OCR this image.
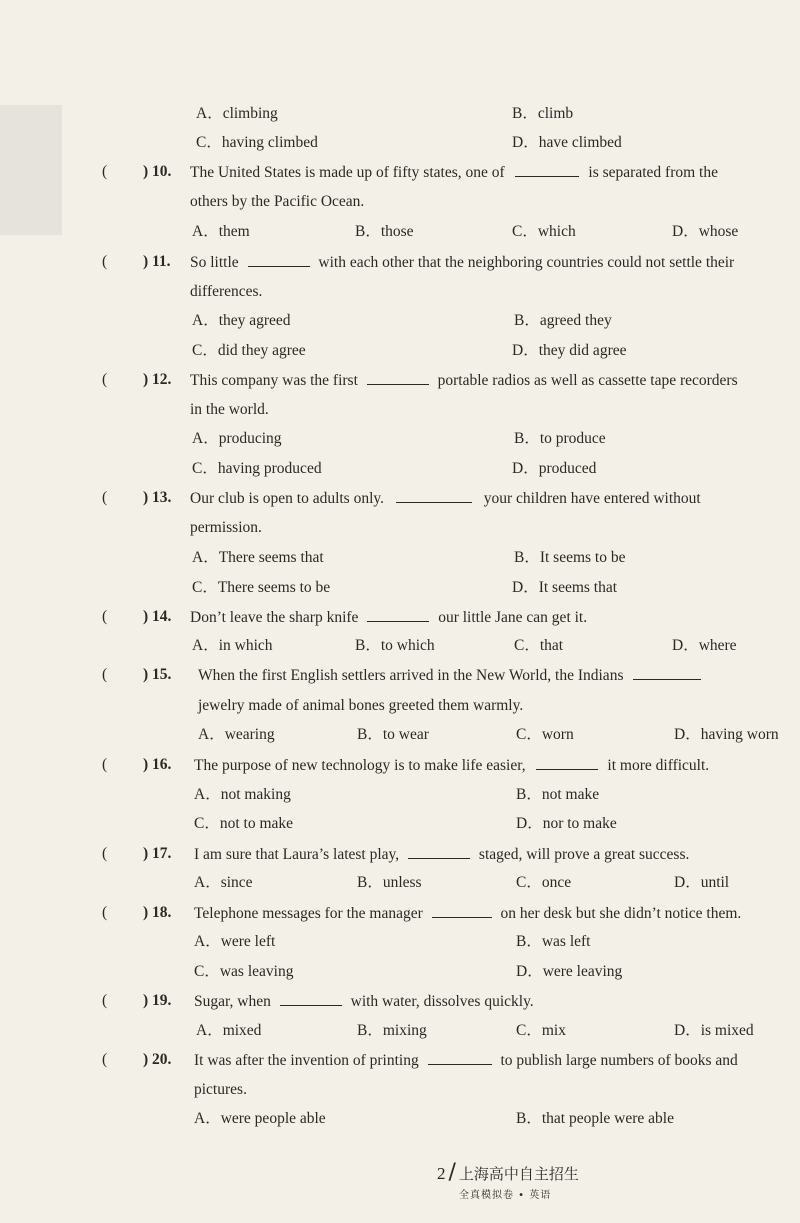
A．climbing	B．climb
C．having climbed	D．have climbed
( ) 10. The United States is made up of fifty states, one of	is separated from the
others by the Pacific Ocean.
A．them	B．those	C．which	D．whose
( ) 11. So little	with each other that the neighboring countries could not settle their
differences.
A．they agreed	B．agreed they
C．did they agree	D．they did agree
( ) 12. This company was the first	portable radios as well as cassette tape recorders
in the world.
A．producing	B．to produce
C．having produced	D．produced
( ) 13. Our club is open to adults only.	your children have entered without
permission.
A．There seems that	B．It seems to be
C．There seems to be	D．It seems that
( ) 14. Don’t leave the sharp knife	our little Jane can get it.
A．in which	B．to which	C．that	D．where
( ) 15. When the first English settlers arrived in the New World, the Indians
jewelry made of animal bones greeted them warmly.
A．wearing	B．to wear	C．worn	D．having worn
( ) 16. The purpose of new technology is to make life easier,	it more difficult.
A．not making	B．not make
C．not to make	D．nor to make
( ) 17. I am sure that Laura’s latest play,	staged, will prove a great success.
A．since	B．unless	C．once	D．until
( ) 18. Telephone messages for the manager	on her desk but she didn’t notice them.
A．were left	B．was left
C．was leaving	D．were leaving
( ) 19. Sugar, when	with water, dissolves quickly.
A．mixed	B．mixing	C．mix	D．is mixed
( ) 20. It was after the invention of printing	to publish large numbers of books and
pictures.
A．were people able	B．that people were able
2 / 上海高中自主招生
全真模拟卷 • 英语
